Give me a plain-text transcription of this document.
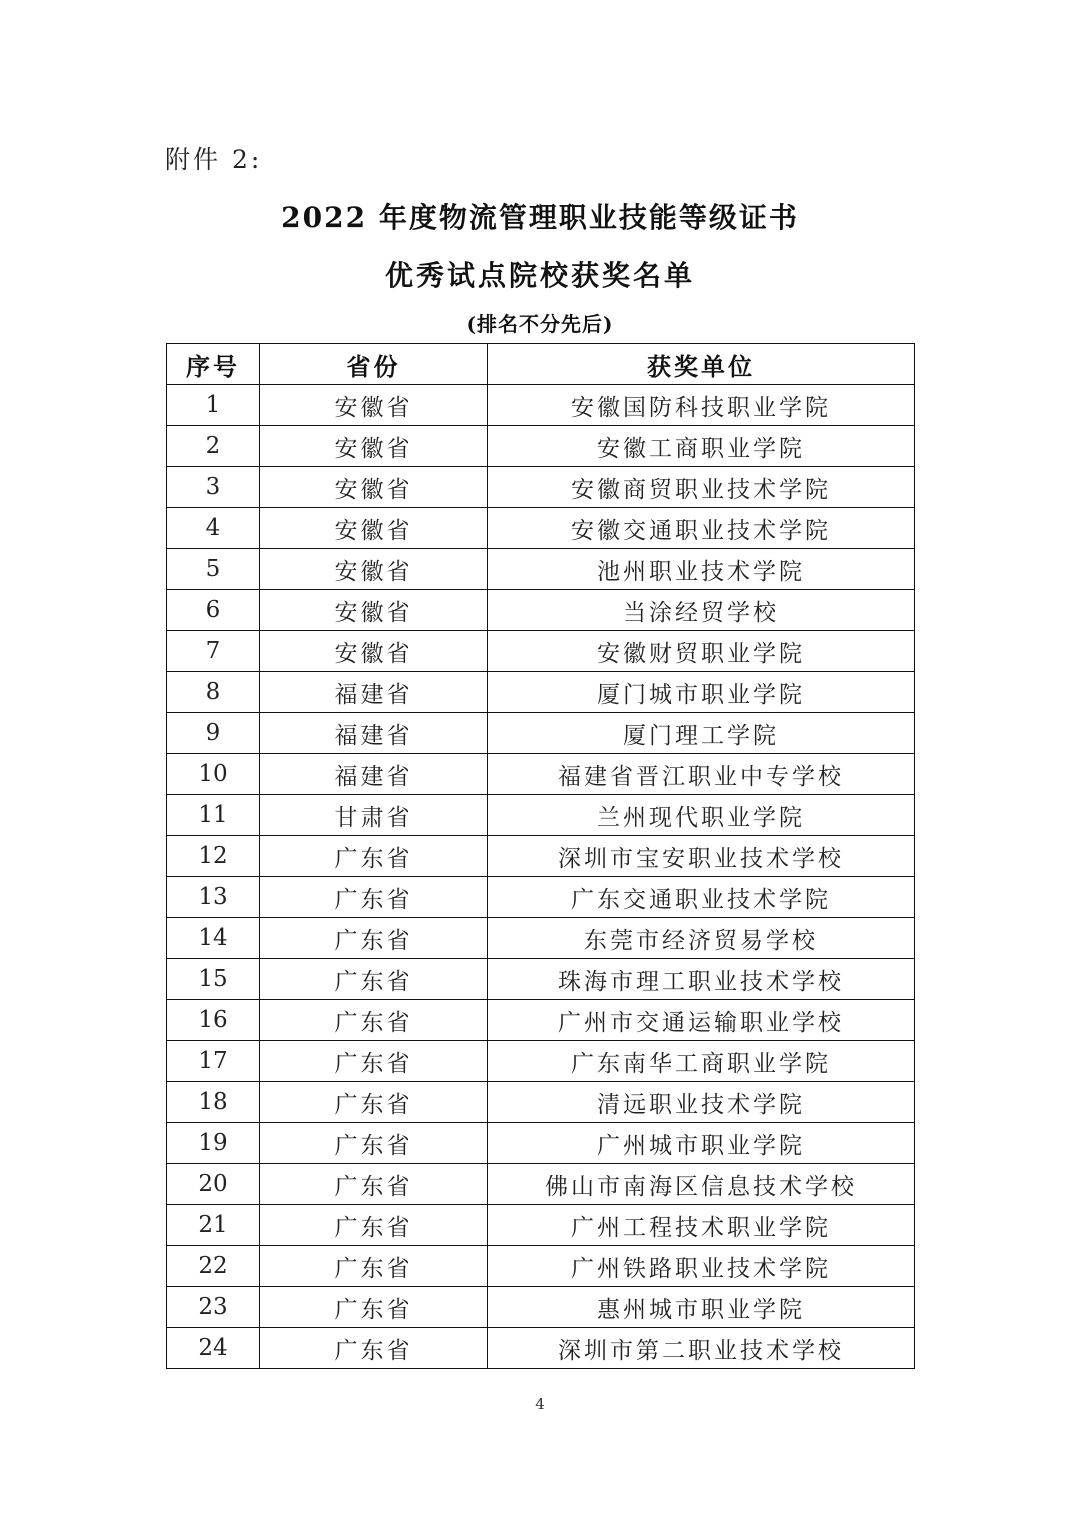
附件 2:
2022 年度物流管理职业技能等级证书
优秀试点院校获奖名单
(排名不分先后)
序号	省份	获奖单位
1	安徽省	安徽国防科技职业学院
2	安徽省	安徽工商职业学院
3	安徽省	安徽商贸职业技术学院
4	安徽省	安徽交通职业技术学院
5	安徽省	池州职业技术学院
6	安徽省	当涂经贸学校
7	安徽省	安徽财贸职业学院
8	福建省	厦门城市职业学院
9	福建省	厦门理工学院
10	福建省	福建省晋江职业中专学校
11	甘肃省	兰州现代职业学院
12	广东省	深圳市宝安职业技术学校
13	广东省	广东交通职业技术学院
14	广东省	东莞市经济贸易学校
15	广东省	珠海市理工职业技术学校
16	广东省	广州市交通运输职业学校
17	广东省	广东南华工商职业学院
18	广东省	清远职业技术学院
19	广东省	广州城市职业学院
20	广东省	佛山市南海区信息技术学校
21	广东省	广州工程技术职业学院
22	广东省	广州铁路职业技术学院
23	广东省	惠州城市职业学院
24	广东省	深圳市第二职业技术学校
4
